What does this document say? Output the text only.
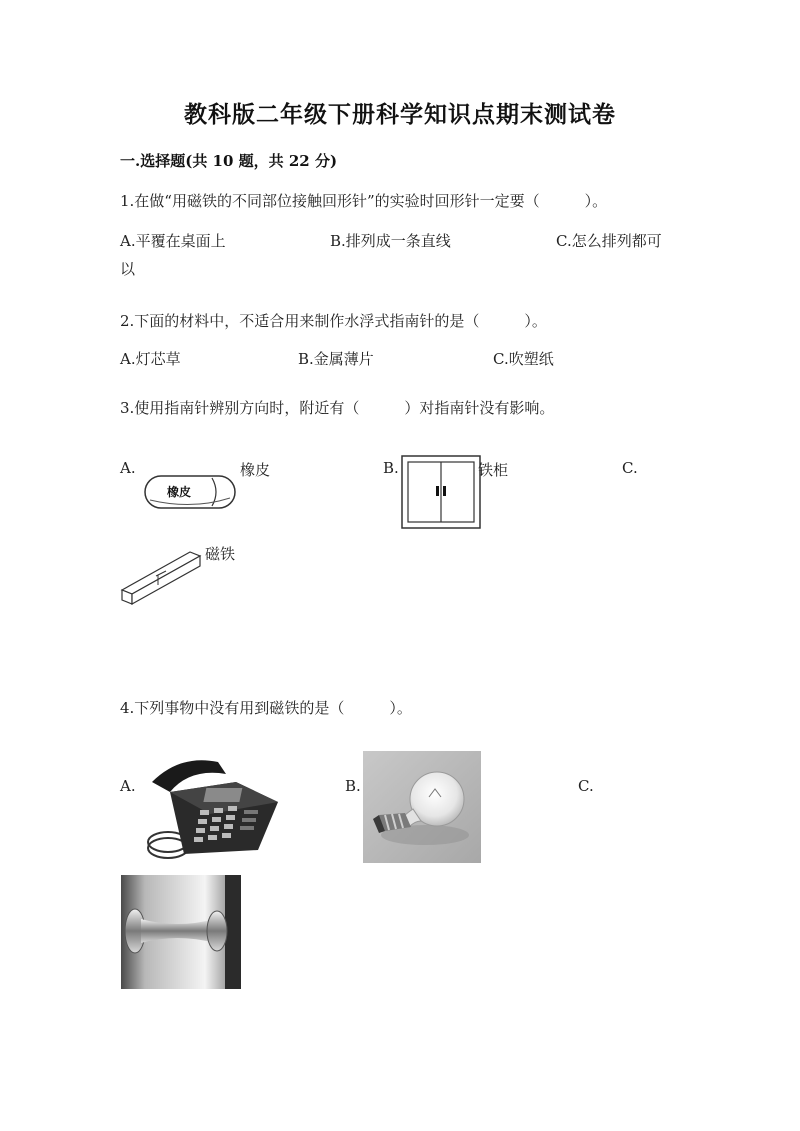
教科版二年级下册科学知识点期末测试卷
一.选择题(共 10 题，共 22 分)
1.在做“用磁铁的不同部位接触回形针”的实验时回形针一定要（　　　）。
A.平覆在桌面上	B.排列成一条直线	C.怎么排列都可
以
2.下面的材料中，不适合用来制作水浮式指南针的是（　　　）。
A.灯芯草	B.金属薄片	C.吹塑纸
3.使用指南针辨别方向时，附近有（　　　）对指南针没有影响。
A.
橡皮
橡皮	B.	铁柜	C.
磁铁
4.下列事物中没有用到磁铁的是（　　　）。
A.	B.	C.
